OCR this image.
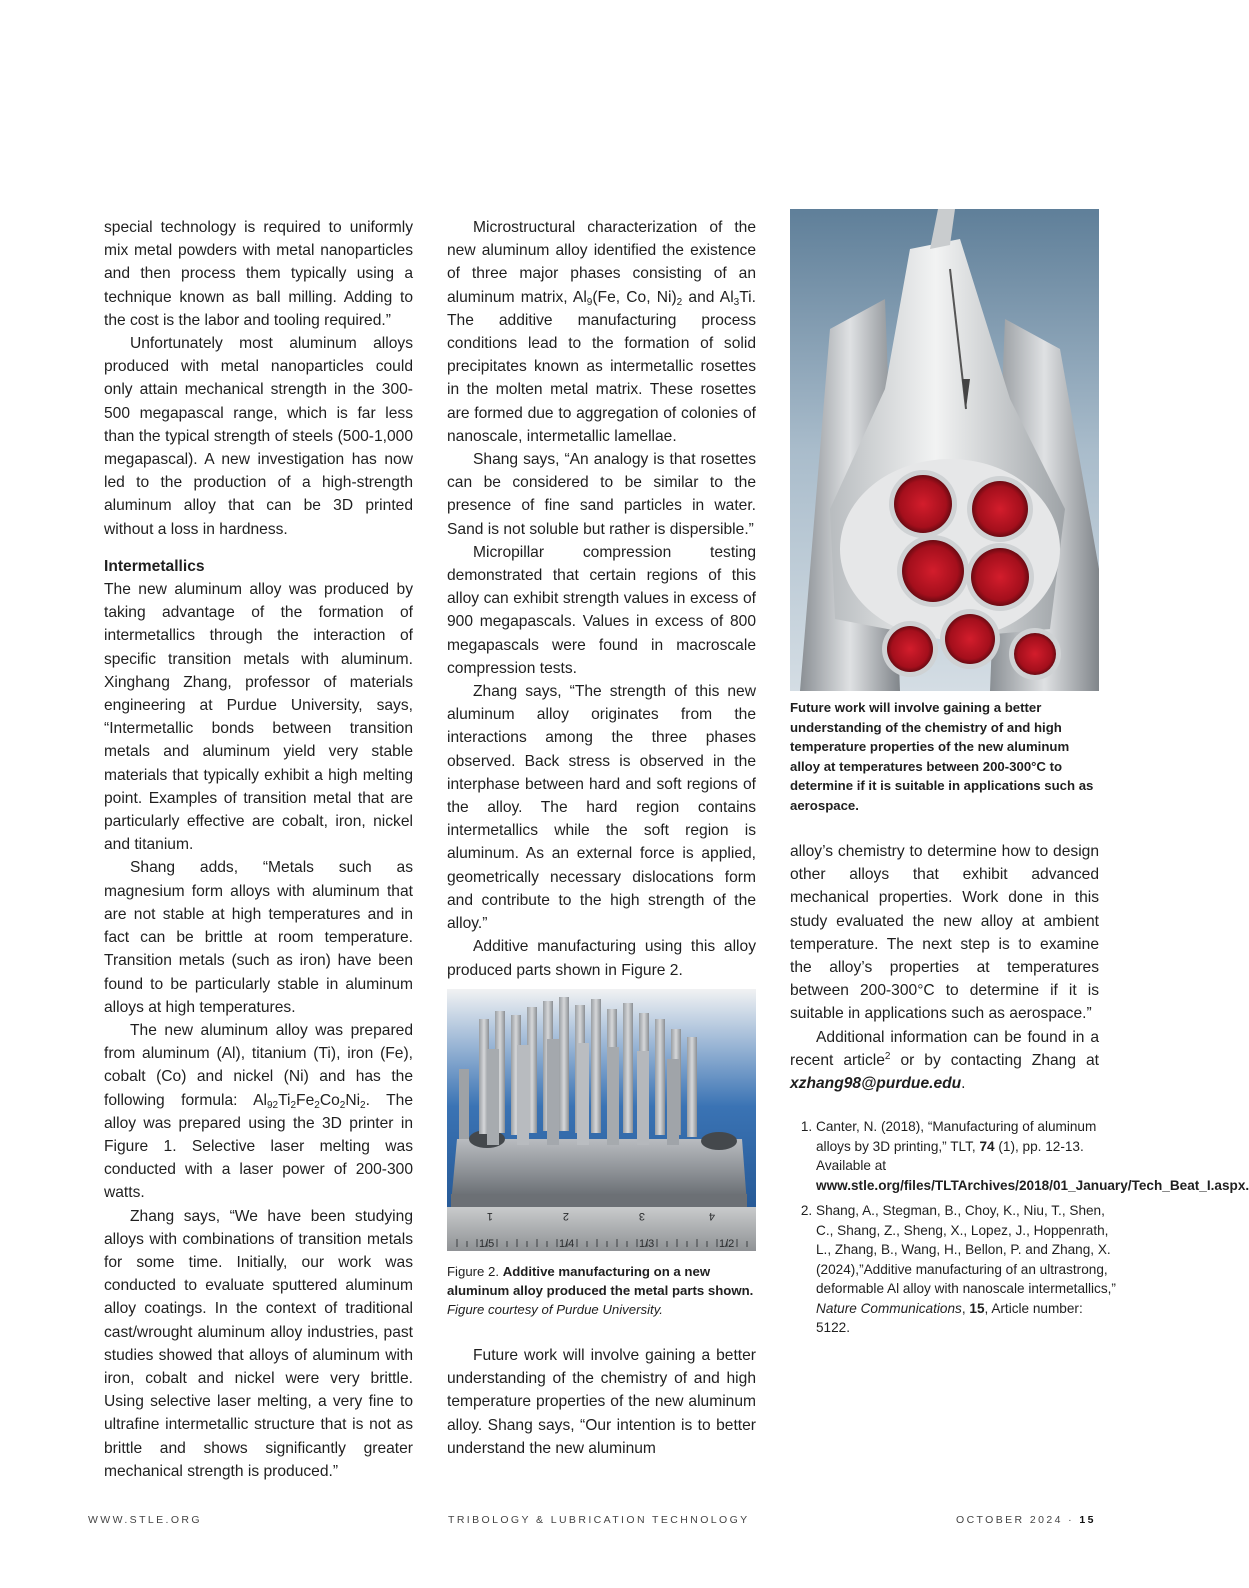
special technology is required to uniformly mix metal powders with metal nanoparticles and then process them typically using a technique known as ball milling. Adding to the cost is the labor and tooling required.”

Unfortunately most aluminum alloys produced with metal nanoparticles could only attain mechanical strength in the 300-500 megapascal range, which is far less than the typical strength of steels (500-1,000 megapascal). A new investigation has now led to the production of a high-strength aluminum alloy that can be 3D printed without a loss in hardness.

Intermetallics

The new aluminum alloy was produced by taking advantage of the formation of intermetallics through the interaction of specific transition metals with aluminum. Xinghang Zhang, professor of materials engineering at Purdue University, says, “Intermetallic bonds between transition metals and aluminum yield very stable materials that typically exhibit a high melting point. Examples of transition metal that are particularly effective are cobalt, iron, nickel and titanium.

Shang adds, “Metals such as magnesium form alloys with aluminum that are not stable at high temperatures and in fact can be brittle at room temperature. Transition metals (such as iron) have been found to be particularly stable in aluminum alloys at high temperatures.

The new aluminum alloy was prepared from aluminum (Al), titanium (Ti), iron (Fe), cobalt (Co) and nickel (Ni) and has the following formula: $Al_{92}Ti_2Fe_2Co_2Ni_2$. The alloy was prepared using the 3D printer in Figure 1. Selective laser melting was conducted with a laser power of 200-300 watts.

Zhang says, “We have been studying alloys with combinations of transition metals for some time. Initially, our work was conducted to evaluate sputtered aluminum alloy coatings. In the context of traditional cast/wrought aluminum alloy industries, past studies showed that alloys of aluminum with iron, cobalt and nickel were very brittle. Using selective laser melting, a very fine to ultrafine intermetallic structure that is not as brittle and shows significantly greater mechanical strength is produced.”

Microstructural characterization of the new aluminum alloy identified the existence of three major phases consisting of an aluminum matrix, $Al_9(Fe$, Co, $Ni)_2$ and $Al_3Ti$. The additive manufacturing process conditions lead to the formation of solid precipitates known as intermetallic rosettes in the molten metal matrix. These rosettes are formed due to aggregation of colonies of nanoscale, intermetallic lamellae.

Shang says, “An analogy is that rosettes can be considered to be similar to the presence of fine sand particles in water. Sand is not soluble but rather is dispersible.”

Micropillar compression testing demonstrated that certain regions of this alloy can exhibit strength values in excess of 900 megapascals. Values in excess of 800 megapascals were found in macroscale compression tests.

Zhang says, “The strength of this new aluminum alloy originates from the interactions among the three phases observed. Back stress is observed in the interphase between hard and soft regions of the alloy. The hard region contains intermetallics while the soft region is aluminum. As an external force is applied, geometrically necessary dislocations form and contribute to the high strength of the alloy.”

Additive manufacturing using this alloy produced parts shown in Figure 2.

1/5	1/4	1/3	1/2
1	2	3	4
Figure 2. Additive manufacturing on a new aluminum alloy produced the metal parts shown. Figure courtesy of Purdue University.

Future work will involve gaining a better understanding of the chemistry of and high temperature properties of the new aluminum alloy. Shang says, “Our intention is to better understand the new aluminum

Future work will involve gaining a better understanding of the chemistry of and high temperature properties of the new aluminum alloy at temperatures between 200-300°C to determine if it is suitable in applications such as aerospace.

alloy’s chemistry to determine how to design other alloys that exhibit advanced mechanical properties. Work done in this study evaluated the new alloy at ambient temperature. The next step is to examine the alloy’s properties at temperatures between 200-300°C to determine if it is suitable in applications such as aerospace.”

Additional information can be found in a recent article$^2$ or by contacting Zhang at xzhang98@purdue.edu.

1. Canter, N. (2018), “Manufacturing of aluminum alloys by 3D printing,” TLT, 74 (1), pp. 12-13. Available at www.stle.org/files/TLTArchives/2018/01_January/Tech_Beat_I.aspx.
2. Shang, A., Stegman, B., Choy, K., Niu, T., Shen, C., Shang, Z., Sheng, X., Lopez, J., Hoppenrath, L., Zhang, B., Wang, H., Bellon, P. and Zhang, X. (2024),”Additive manufacturing of an ultrastrong, deformable Al alloy with nanoscale intermetallics,” Nature Communications, 15, Article number: 5122.
WWW.STLE.ORG	TRIBOLOGY & LUBRICATION TECHNOLOGY	OCTOBER 2024 · 15
